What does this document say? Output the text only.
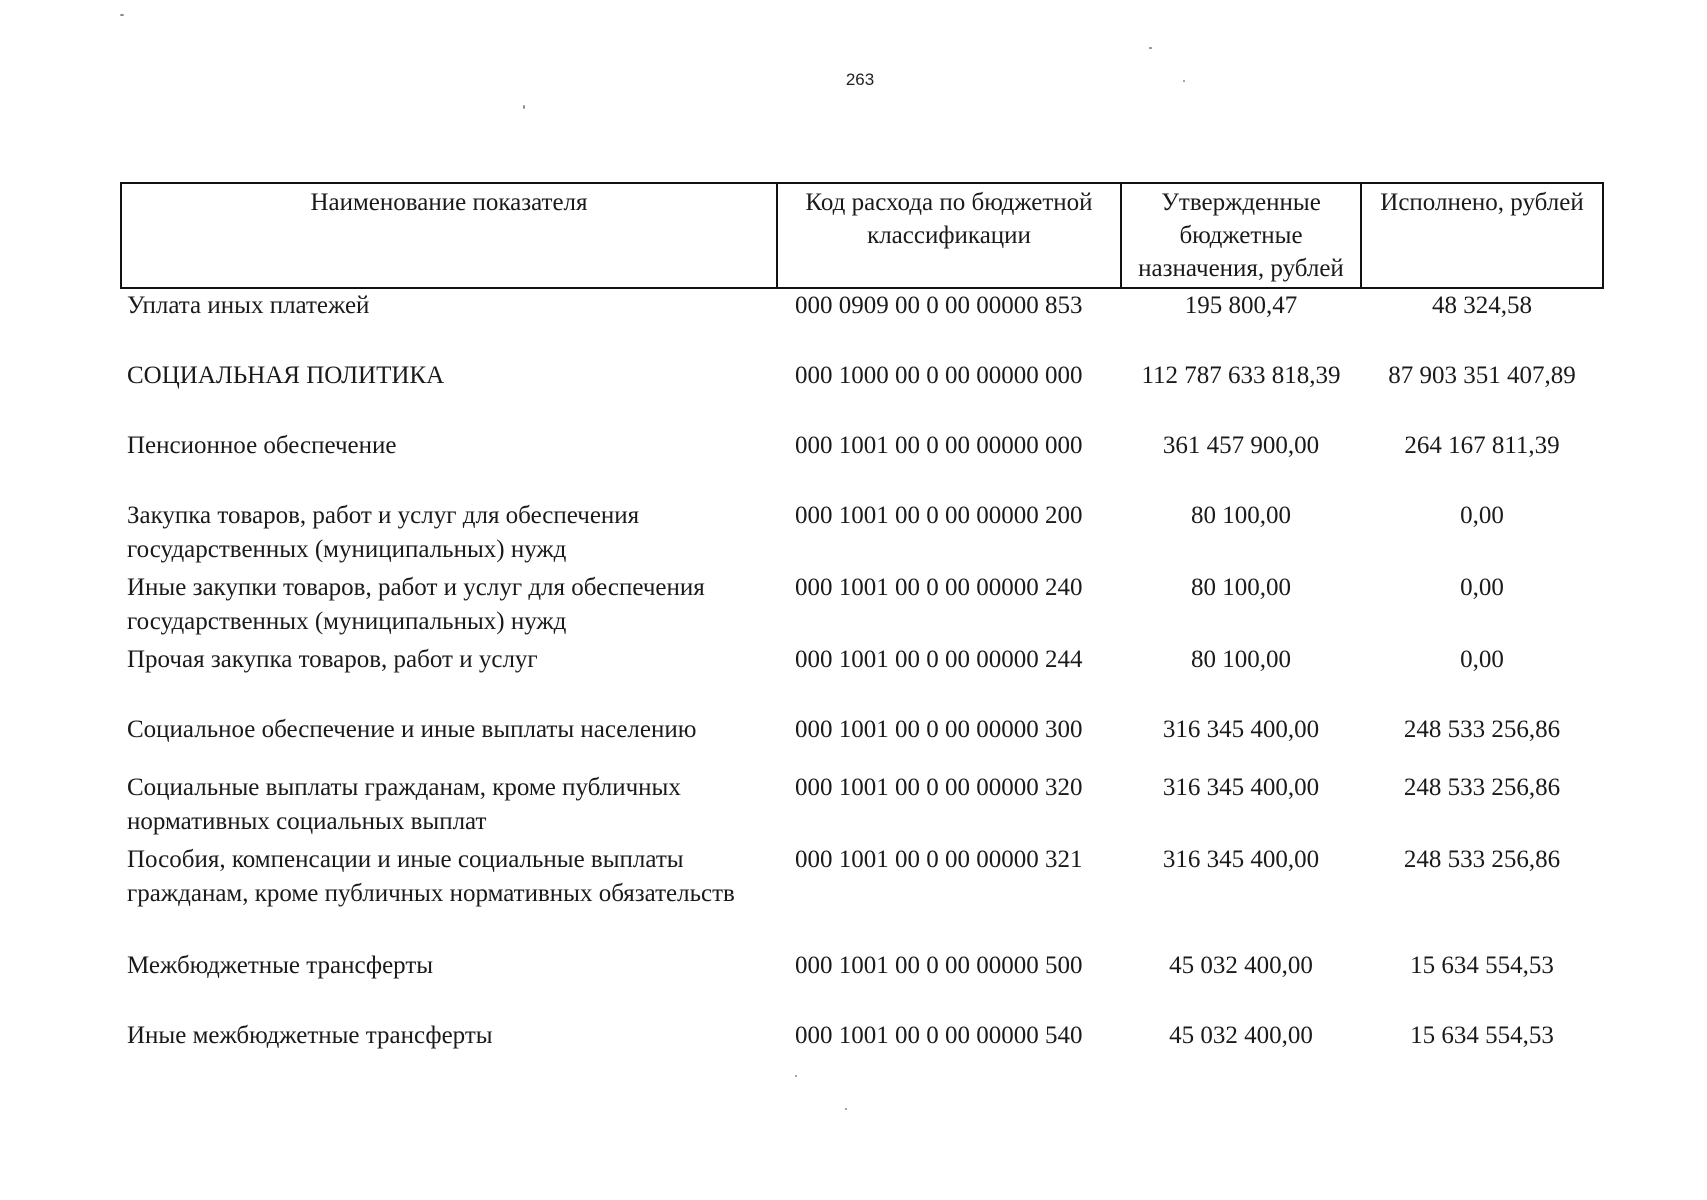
263
Наименование показателя	Код расхода по бюджетной классификации	Утвержденные бюджетные назначения, рублей	Исполнено, рублей
Уплата иных платежей	000 0909 00 0 00 00000 853	195 800,47	48 324,58
СОЦИАЛЬНАЯ ПОЛИТИКА	000 1000 00 0 00 00000 000	112 787 633 818,39	87 903 351 407,89
Пенсионное обеспечение	000 1001 00 0 00 00000 000	361 457 900,00	264 167 811,39
Закупка товаров, работ и услуг для обеспечения государственных (муниципальных) нужд	000 1001 00 0 00 00000 200	80 100,00	0,00
Иные закупки товаров, работ и услуг для обеспечения государственных (муниципальных) нужд	000 1001 00 0 00 00000 240	80 100,00	0,00
Прочая закупка товаров, работ и услуг	000 1001 00 0 00 00000 244	80 100,00	0,00
Социальное обеспечение и иные выплаты населению	000 1001 00 0 00 00000 300	316 345 400,00	248 533 256,86
Социальные выплаты гражданам, кроме публичных нормативных социальных выплат	000 1001 00 0 00 00000 320	316 345 400,00	248 533 256,86
Пособия, компенсации и иные социальные выплаты гражданам, кроме публичных нормативных обязательств	000 1001 00 0 00 00000 321	316 345 400,00	248 533 256,86
Межбюджетные трансферты	000 1001 00 0 00 00000 500	45 032 400,00	15 634 554,53
Иные межбюджетные трансферты	000 1001 00 0 00 00000 540	45 032 400,00	15 634 554,53
